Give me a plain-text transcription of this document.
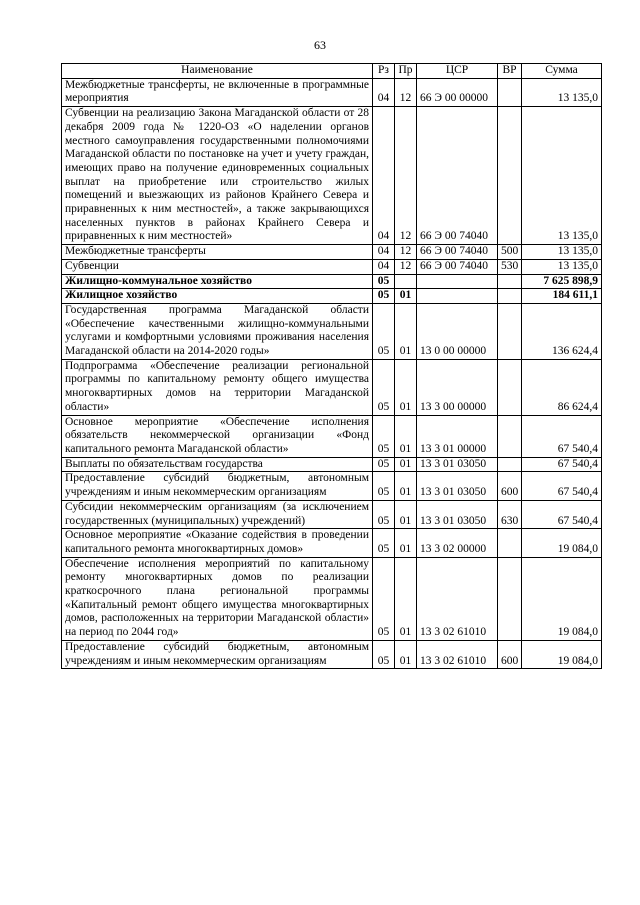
63
Наименование	Рз	Пр	ЦСР	ВР	Сумма
Межбюджетные трансферты, не включенные в программные мероприятия	04	12	66 Э 00 00000		13 135,0
Субвенции на реализацию Закона Магаданской области от 28 декабря 2009 года № 1220-ОЗ «О наделении органов местного самоуправления государственными полномочиями Магаданской области по постановке на учет и учету граждан, имеющих право на получение единовременных социальных выплат на приобретение или строительство жилых помещений и выезжающих из районов Крайнего Севера и приравненных к ним местностей», а также закрывающихся населенных пунктов в районах Крайнего Севера и приравненных к ним местностей»	04	12	66 Э 00 74040		13 135,0
Межбюджетные трансферты	04	12	66 Э 00 74040	500	13 135,0
Субвенции	04	12	66 Э 00 74040	530	13 135,0
Жилищно-коммунальное хозяйство	05				7 625 898,9
Жилищное хозяйство	05	01			184 611,1
Государственная программа Магаданской области «Обеспечение качественными жилищно-коммунальными услугами и комфортными условиями проживания населения Магаданской области на 2014-2020 годы»	05	01	13 0 00 00000		136 624,4
Подпрограмма «Обеспечение реализации региональной программы по капитальному ремонту общего имущества многоквартирных домов на территории Магаданской области»	05	01	13 3 00 00000		86 624,4
Основное мероприятие «Обеспечение исполнения обязательств некоммерческой организации «Фонд капитального ремонта Магаданской области»	05	01	13 3 01 00000		67 540,4
Выплаты по обязательствам государства	05	01	13 3 01 03050		67 540,4
Предоставление субсидий бюджетным, автономным учреждениям и иным некоммерческим организациям	05	01	13 3 01 03050	600	67 540,4
Субсидии некоммерческим организациям (за исключением государственных (муниципальных) учреждений)	05	01	13 3 01 03050	630	67 540,4
Основное мероприятие «Оказание содействия в проведении капитального ремонта многоквартирных домов»	05	01	13 3 02 00000		19 084,0
Обеспечение исполнения мероприятий по капитальному ремонту многоквартирных домов по реализации краткосрочного плана региональной программы «Капитальный ремонт общего имущества многоквартирных домов, расположенных на территории Магаданской области» на период по 2044 год»	05	01	13 3 02 61010		19 084,0
Предоставление субсидий бюджетным, автономным учреждениям и иным некоммерческим организациям	05	01	13 3 02 61010	600	19 084,0
